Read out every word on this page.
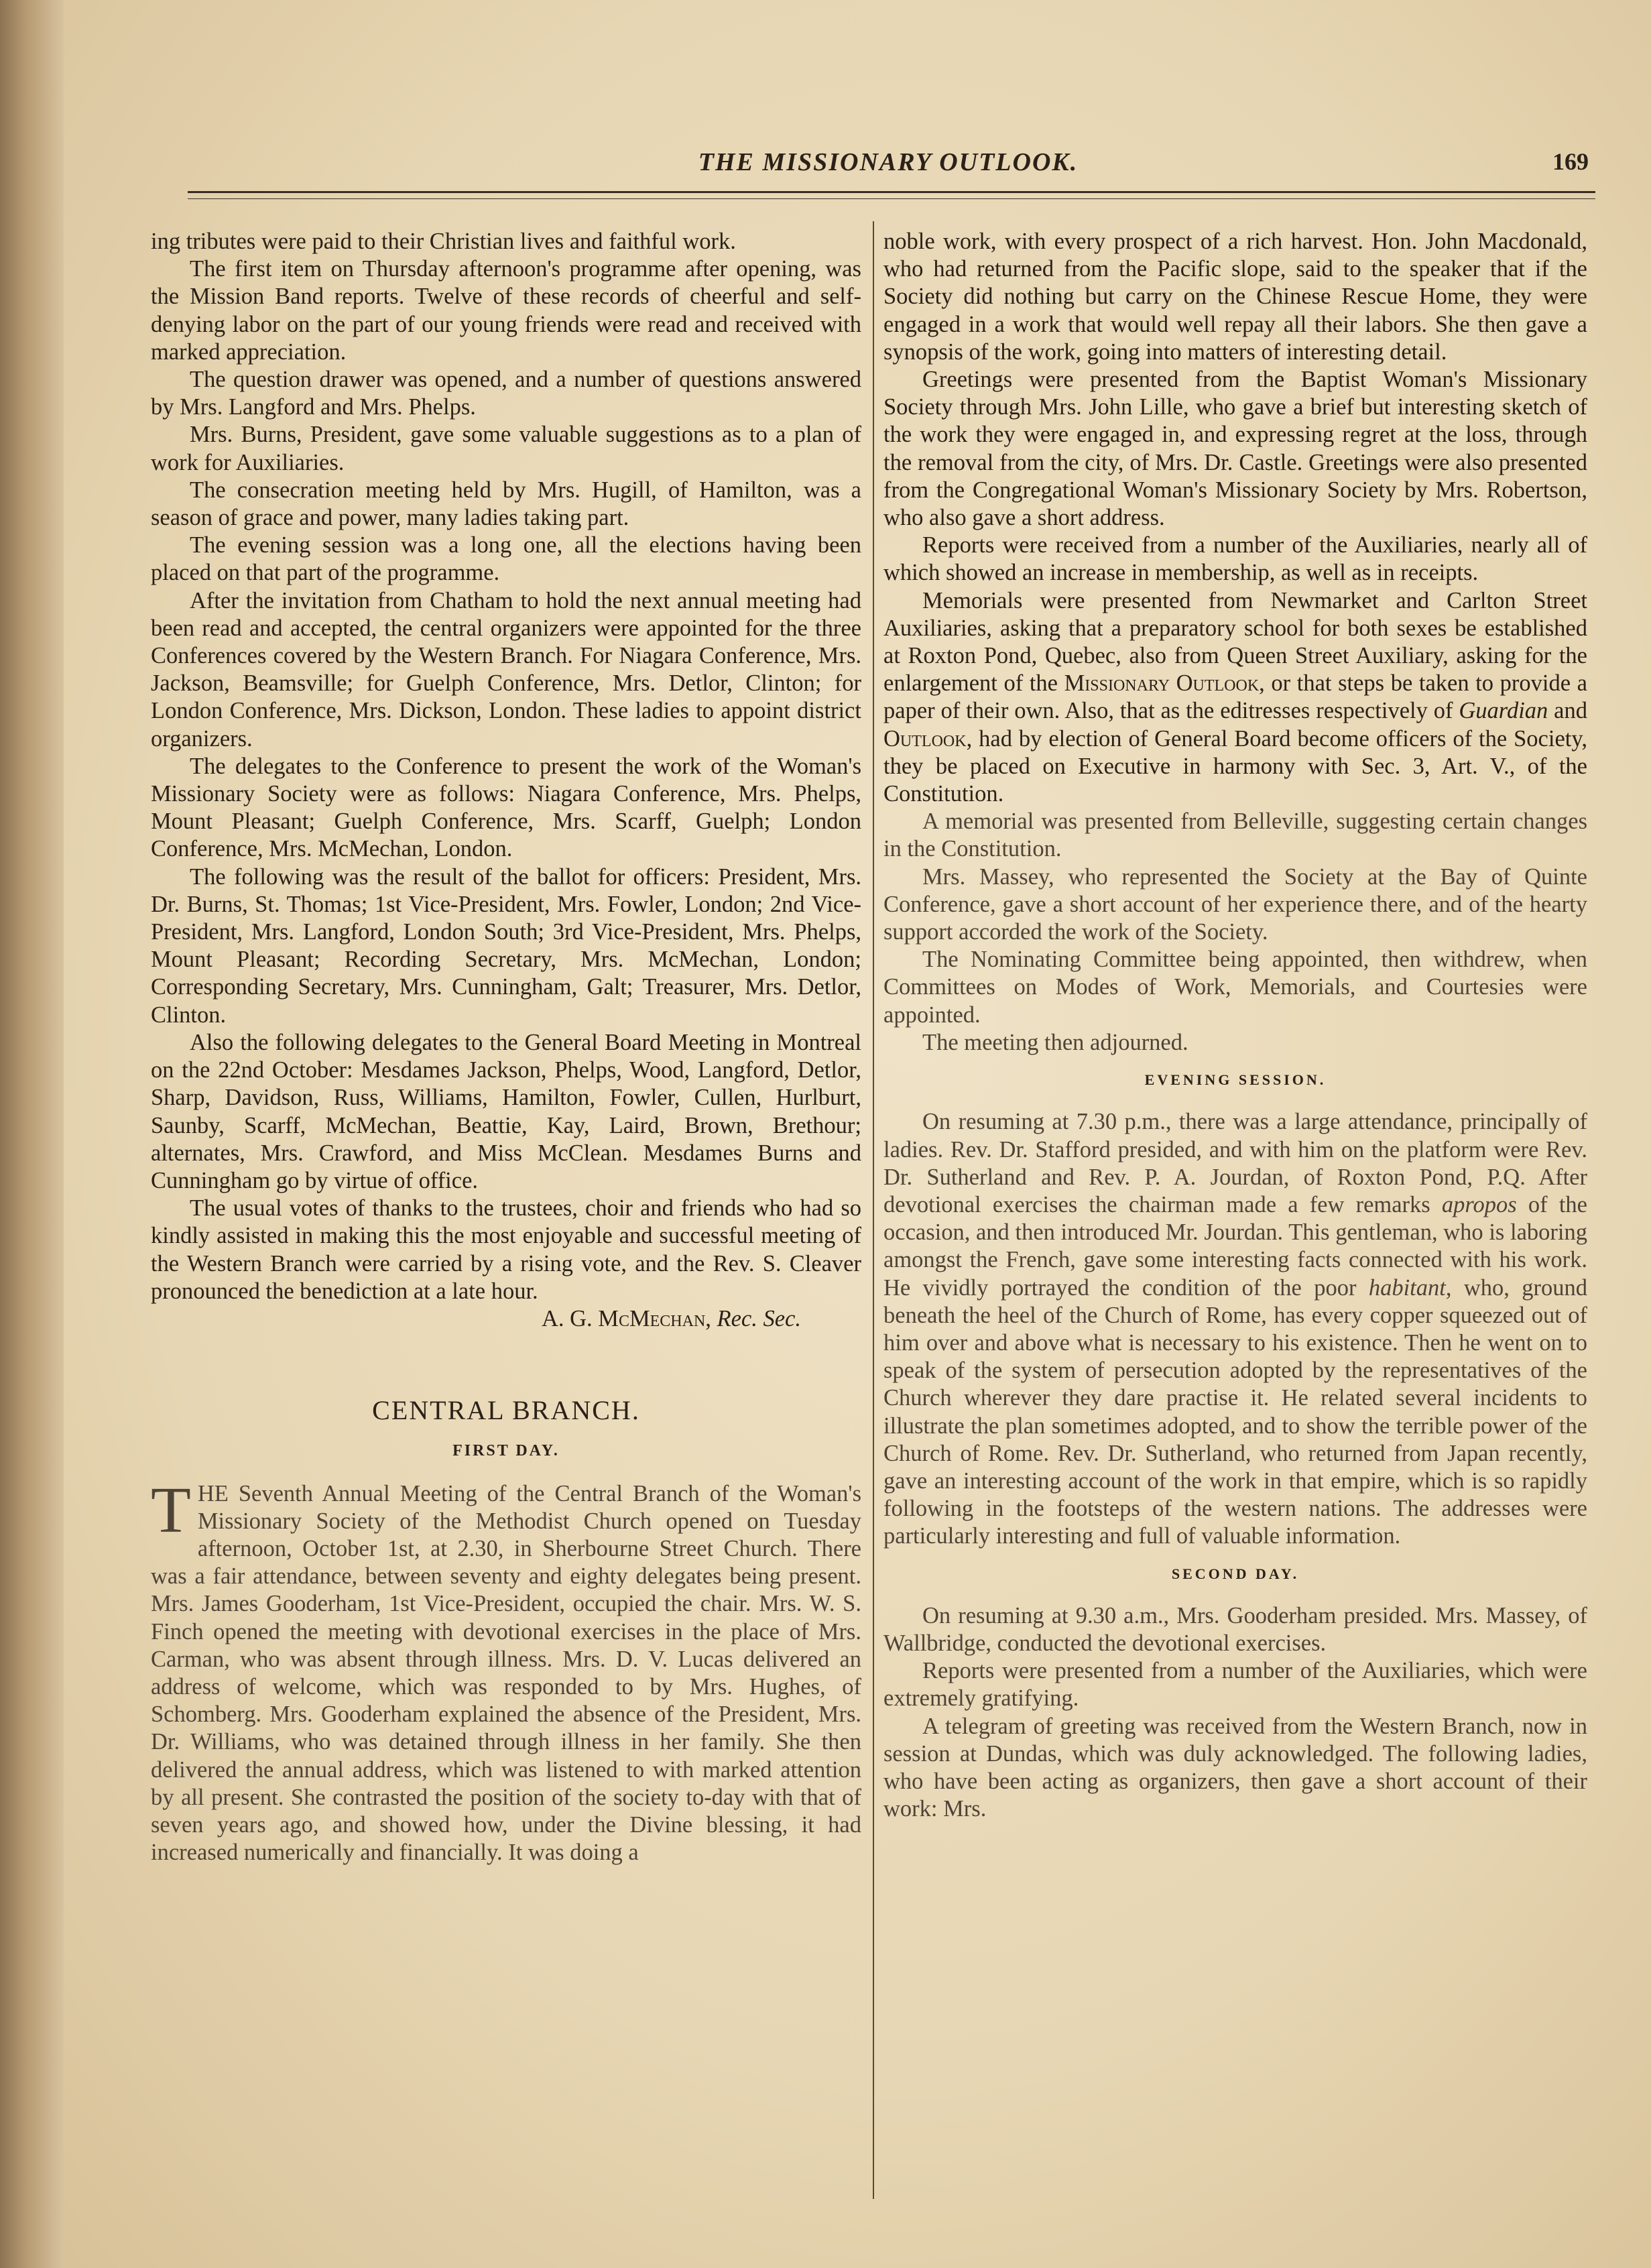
THE MISSIONARY OUTLOOK.	169

ing tributes were paid to their Christian lives and faithful work.

The first item on Thursday afternoon's programme after opening, was the Mission Band reports. Twelve of these records of cheerful and self-denying labor on the part of our young friends were read and received with marked appreciation.

The question drawer was opened, and a number of questions answered by Mrs. Langford and Mrs. Phelps.

Mrs. Burns, President, gave some valuable suggestions as to a plan of work for Auxiliaries.

The consecration meeting held by Mrs. Hugill, of Hamilton, was a season of grace and power, many ladies taking part.

The evening session was a long one, all the elections having been placed on that part of the programme.

After the invitation from Chatham to hold the next annual meeting had been read and accepted, the central organizers were appointed for the three Conferences covered by the Western Branch. For Niagara Conference, Mrs. Jackson, Beamsville; for Guelph Conference, Mrs. Detlor, Clinton; for London Conference, Mrs. Dickson, London. These ladies to appoint district organizers.

The delegates to the Conference to present the work of the Woman's Missionary Society were as follows: Niagara Conference, Mrs. Phelps, Mount Pleasant; Guelph Conference, Mrs. Scarff, Guelph; London Conference, Mrs. McMechan, London.

The following was the result of the ballot for officers: President, Mrs. Dr. Burns, St. Thomas; 1st Vice-President, Mrs. Fowler, London; 2nd Vice-President, Mrs. Langford, London South; 3rd Vice-President, Mrs. Phelps, Mount Pleasant; Recording Secretary, Mrs. McMechan, London; Corresponding Secretary, Mrs. Cunningham, Galt; Treasurer, Mrs. Detlor, Clinton.

Also the following delegates to the General Board Meeting in Montreal on the 22nd October: Mesdames Jackson, Phelps, Wood, Langford, Detlor, Sharp, Davidson, Russ, Williams, Hamilton, Fowler, Cullen, Hurlburt, Saunby, Scarff, McMechan, Beattie, Kay, Laird, Brown, Brethour; alternates, Mrs. Crawford, and Miss McClean. Mesdames Burns and Cunningham go by virtue of office.

The usual votes of thanks to the trustees, choir and friends who had so kindly assisted in making this the most enjoyable and successful meeting of the Western Branch were carried by a rising vote, and the Rev. S. Cleaver pronounced the benediction at a late hour.

A. G. McMechan, Rec. Sec.

CENTRAL BRANCH.
FIRST DAY.

THE Seventh Annual Meeting of the Central Branch of the Woman's Missionary Society of the Methodist Church opened on Tuesday afternoon, October 1st, at 2.30, in Sherbourne Street Church. There was a fair attendance, between seventy and eighty delegates being present. Mrs. James Gooderham, 1st Vice-President, occupied the chair. Mrs. W. S. Finch opened the meeting with devotional exercises in the place of Mrs. Carman, who was absent through illness. Mrs. D. V. Lucas delivered an address of welcome, which was responded to by Mrs. Hughes, of Schomberg. Mrs. Gooderham explained the absence of the President, Mrs. Dr. Williams, who was detained through illness in her family. She then delivered the annual address, which was listened to with marked attention by all present. She contrasted the position of the society to-day with that of seven years ago, and showed how, under the Divine blessing, it had increased numerically and financially. It was doing a

noble work, with every prospect of a rich harvest. Hon. John Macdonald, who had returned from the Pacific slope, said to the speaker that if the Society did nothing but carry on the Chinese Rescue Home, they were engaged in a work that would well repay all their labors. She then gave a synopsis of the work, going into matters of interesting detail.

Greetings were presented from the Baptist Woman's Missionary Society through Mrs. John Lille, who gave a brief but interesting sketch of the work they were engaged in, and expressing regret at the loss, through the removal from the city, of Mrs. Dr. Castle. Greetings were also presented from the Congregational Woman's Missionary Society by Mrs. Robertson, who also gave a short address.

Reports were received from a number of the Auxiliaries, nearly all of which showed an increase in membership, as well as in receipts.

Memorials were presented from Newmarket and Carlton Street Auxiliaries, asking that a preparatory school for both sexes be established at Roxton Pond, Quebec, also from Queen Street Auxiliary, asking for the enlargement of the Missionary Outlook, or that steps be taken to provide a paper of their own. Also, that as the editresses respectively of Guardian and Outlook, had by election of General Board become officers of the Society, they be placed on Executive in harmony with Sec. 3, Art. V., of the Constitution.

A memorial was presented from Belleville, suggesting certain changes in the Constitution.

Mrs. Massey, who represented the Society at the Bay of Quinte Conference, gave a short account of her experience there, and of the hearty support accorded the work of the Society.

The Nominating Committee being appointed, then withdrew, when Committees on Modes of Work, Memorials, and Courtesies were appointed.

The meeting then adjourned.

EVENING SESSION.

On resuming at 7.30 p.m., there was a large attendance, principally of ladies. Rev. Dr. Stafford presided, and with him on the platform were Rev. Dr. Sutherland and Rev. P. A. Jourdan, of Roxton Pond, P.Q. After devotional exercises the chairman made a few remarks apropos of the occasion, and then introduced Mr. Jourdan. This gentleman, who is laboring amongst the French, gave some interesting facts connected with his work. He vividly portrayed the condition of the poor habitant, who, ground beneath the heel of the Church of Rome, has every copper squeezed out of him over and above what is necessary to his existence. Then he went on to speak of the system of persecution adopted by the representatives of the Church wherever they dare practise it. He related several incidents to illustrate the plan sometimes adopted, and to show the terrible power of the Church of Rome. Rev. Dr. Sutherland, who returned from Japan recently, gave an interesting account of the work in that empire, which is so rapidly following in the footsteps of the western nations. The addresses were particularly interesting and full of valuable information.

SECOND DAY.

On resuming at 9.30 a.m., Mrs. Gooderham presided. Mrs. Massey, of Wallbridge, conducted the devotional exercises.

Reports were presented from a number of the Auxiliaries, which were extremely gratifying.

A telegram of greeting was received from the Western Branch, now in session at Dundas, which was duly acknowledged. The following ladies, who have been acting as organizers, then gave a short account of their work: Mrs.
